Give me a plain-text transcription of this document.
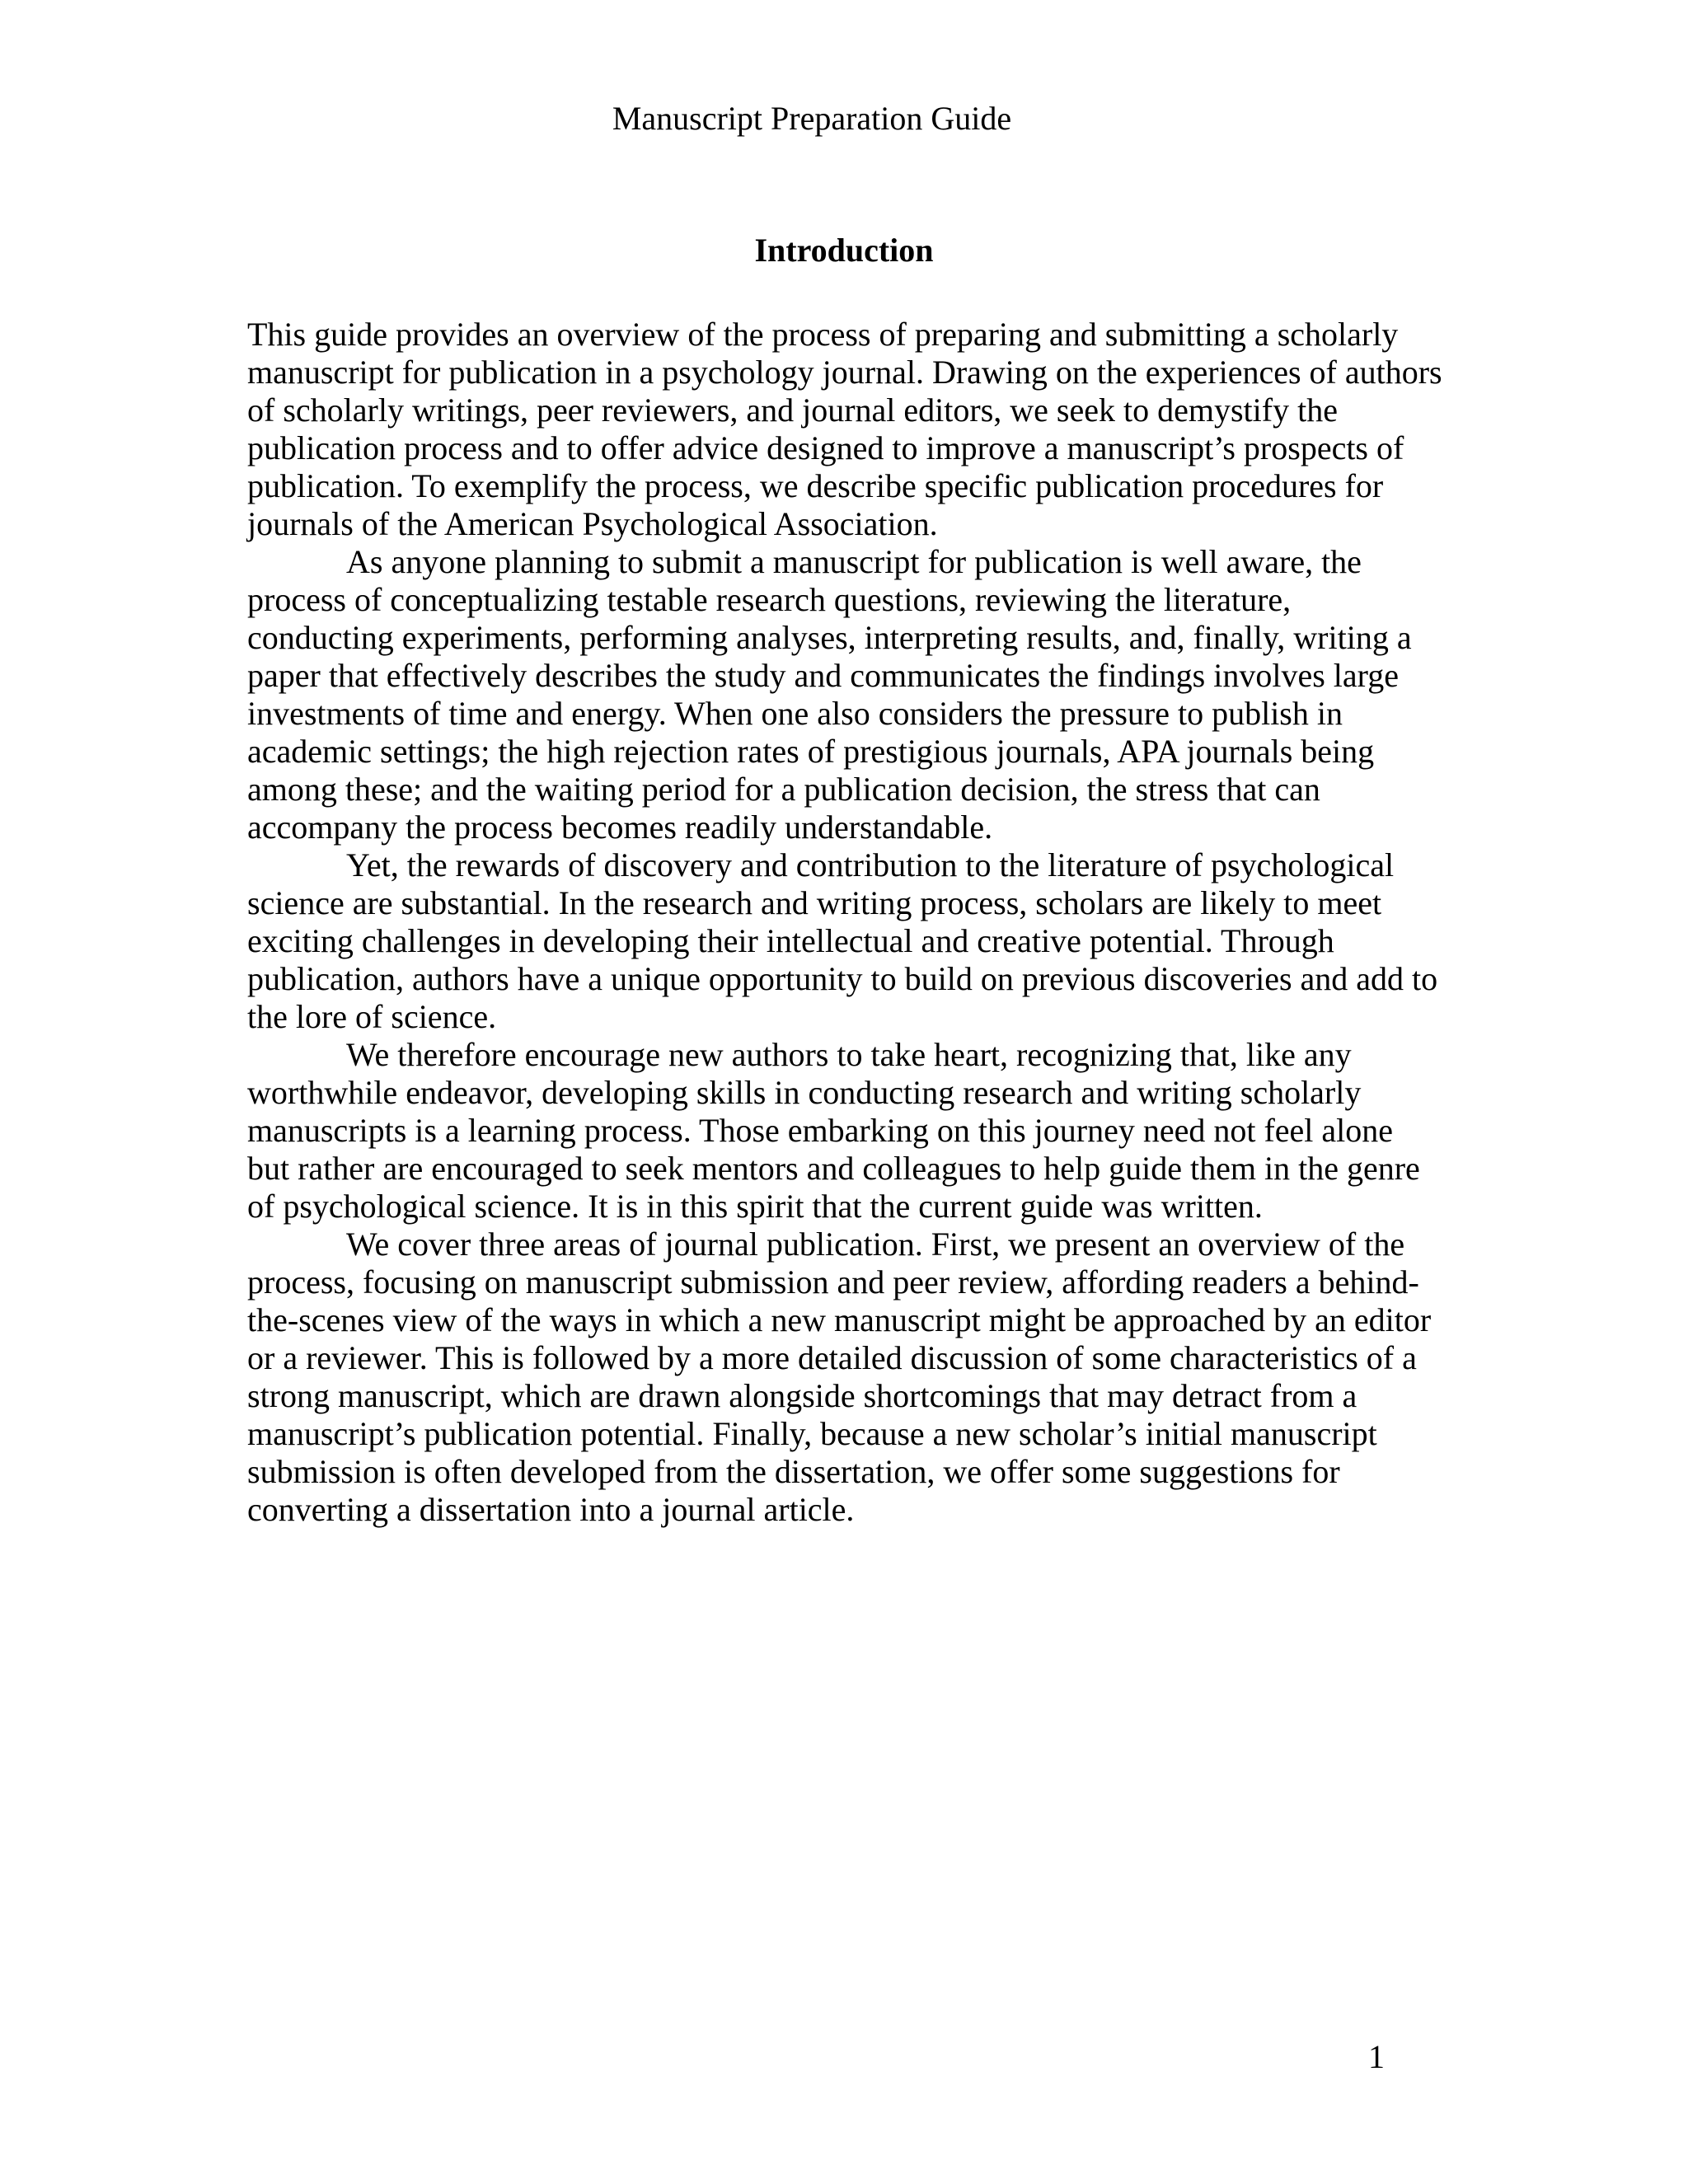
Manuscript Preparation Guide
Introduction

This guide provides an overview of the process of preparing and submitting a scholarly manuscript for publication in a psychology journal. Drawing on the experiences of authors of scholarly writings, peer reviewers, and journal editors, we seek to demystify the publication process and to offer advice designed to improve a manuscript’s prospects of publication. To exemplify the process, we describe specific publication procedures for journals of the American Psychological Association.

As anyone planning to submit a manuscript for publication is well aware, the process of conceptualizing testable research questions, reviewing the literature, conducting experiments, performing analyses, interpreting results, and, finally, writing a paper that effectively describes the study and communicates the findings involves large investments of time and energy. When one also considers the pressure to publish in academic settings; the high rejection rates of prestigious journals, APA journals being among these; and the waiting period for a publication decision, the stress that can accompany the process becomes readily understandable.

Yet, the rewards of discovery and contribution to the literature of psychological science are substantial. In the research and writing process, scholars are likely to meet exciting challenges in developing their intellectual and creative potential. Through publication, authors have a unique opportunity to build on previous discoveries and add to the lore of science.

We therefore encourage new authors to take heart, recognizing that, like any worthwhile endeavor, developing skills in conducting research and writing scholarly manuscripts is a learning process. Those embarking on this journey need not feel alone but rather are encouraged to seek mentors and colleagues to help guide them in the genre of psychological science. It is in this spirit that the current guide was written.

We cover three areas of journal publication. First, we present an overview of the process, focusing on manuscript submission and peer review, affording readers a behind-the-scenes view of the ways in which a new manuscript might be approached by an editor or a reviewer. This is followed by a more detailed discussion of some characteristics of a strong manuscript, which are drawn alongside shortcomings that may detract from a manuscript’s publication potential. Finally, because a new scholar’s initial manuscript submission is often developed from the dissertation, we offer some suggestions for converting a dissertation into a journal article.

1
